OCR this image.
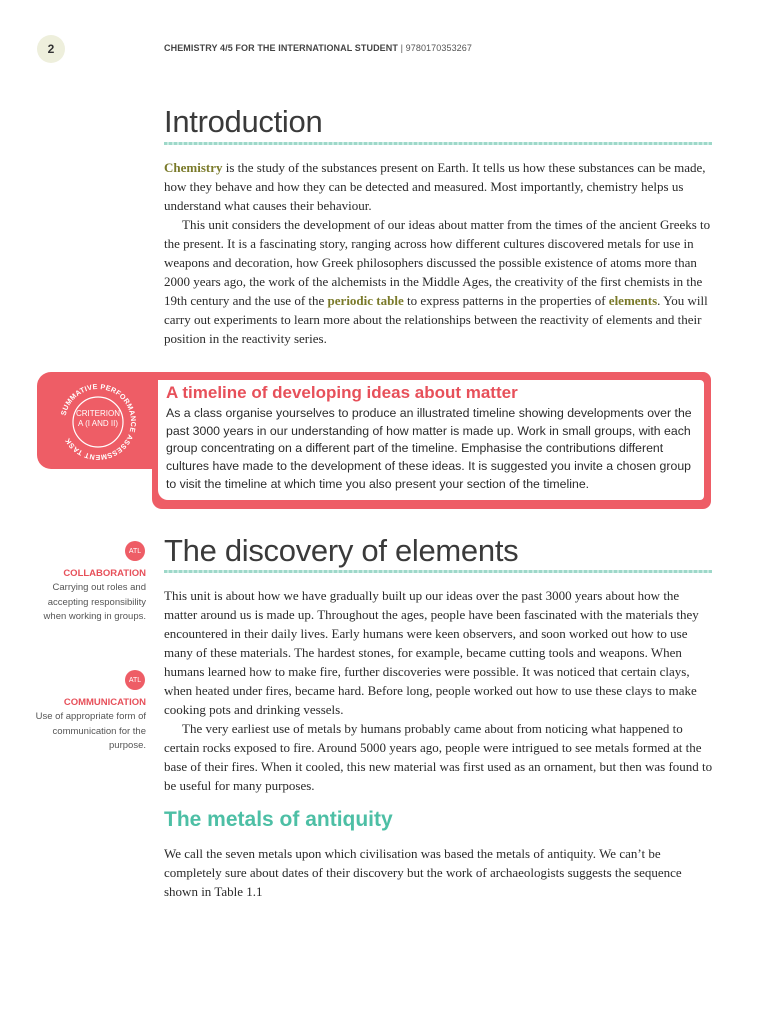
2	CHEMISTRY 4/5 FOR THE INTERNATIONAL STUDENT | 9780170353267
Introduction

Chemistry is the study of the substances present on Earth. It tells us how these substances can be made, how they behave and how they can be detected and measured. Most importantly, chemistry helps us understand what causes their behaviour.

This unit considers the development of our ideas about matter from the times of the ancient Greeks to the present. It is a fascinating story, ranging across how different cultures discovered metals for use in weapons and decoration, how Greek philosophers discussed the possible existence of atoms more than 2000 years ago, the work of the alchemists in the Middle Ages, the creativity of the first chemists in the 19th century and the use of the periodic table to express patterns in the properties of elements. You will carry out experiments to learn more about the relationships between the reactivity of elements and their position in the reactivity series.

SUMMATIVE PERFORMANCE ASSESSMENT TASK
CRITERION
A (I AND II)
A timeline of developing ideas about matter
As a class organise yourselves to produce an illustrated timeline showing developments over the past 3000 years in our understanding of how matter is made up. Work in small groups, with each group concentrating on a different part of the timeline. Emphasise the contributions different cultures have made to the development of these ideas. It is suggested you invite a chosen group to visit the timeline at which time you also present your section of the timeline.
ATL
COLLABORATION
Carrying out roles and accepting responsibility when working in groups.
ATL
COMMUNICATION
Use of appropriate form of communication for the purpose.
The discovery of elements

This unit is about how we have gradually built up our ideas over the past 3000 years about how the matter around us is made up. Throughout the ages, people have been fascinated with the materials they encountered in their daily lives. Early humans were keen observers, and soon worked out how to use many of these materials. The hardest stones, for example, became cutting tools and weapons. When humans learned how to make fire, further discoveries were possible. It was noticed that certain clays, when heated under fires, became hard. Before long, people worked out how to use these clays to make cooking pots and drinking vessels.

The very earliest use of metals by humans probably came about from noticing what happened to certain rocks exposed to fire. Around 5000 years ago, people were intrigued to see metals formed at the base of their fires. When it cooled, this new material was first used as an ornament, but then was found to be useful for many purposes.

The metals of antiquity

We call the seven metals upon which civilisation was based the metals of antiquity. We can’t be completely sure about dates of their discovery but the work of archaeologists suggests the sequence shown in Table 1.1
